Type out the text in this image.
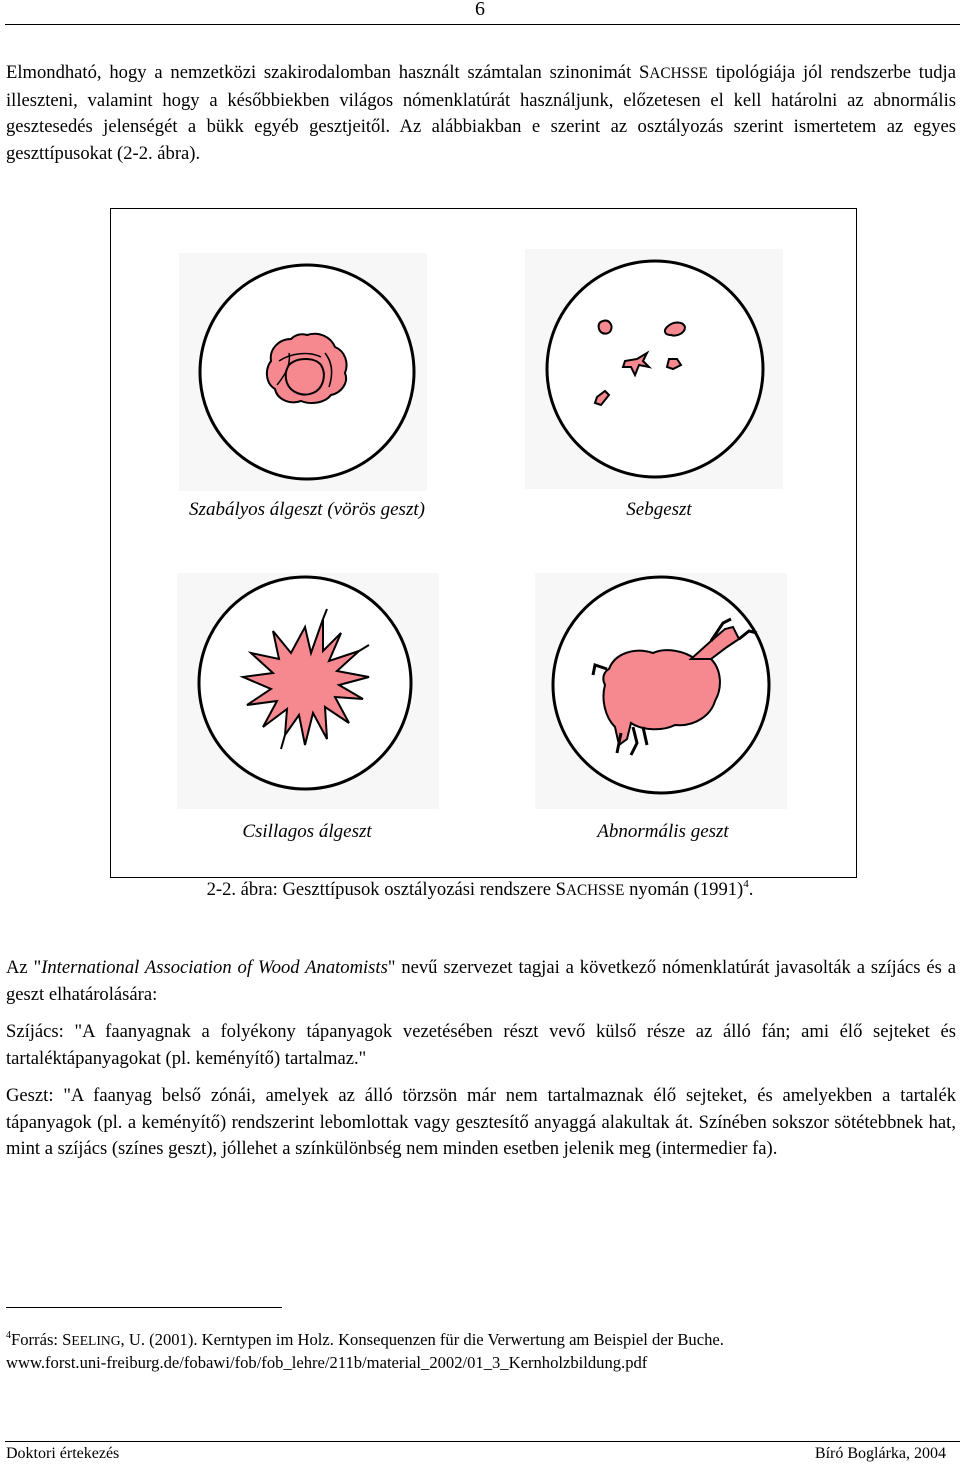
6

Elmondható, hogy a nemzetközi szakirodalomban használt számtalan szinonimát SACHSSE tipológiája jól rendszerbe tudja illeszteni, valamint hogy a későbbiekben világos nómenklatúrát használjunk, előzetesen el kell határolni az abnormális gesztesedés jelenségét a bükk egyéb gesztjeitől. Az alábbiakban e szerint az osztályozás szerint ismertetem az egyes geszttípusokat (2-2. ábra).

Szabályos álgeszt (vörös geszt)	Sebgeszt
Csillagos álgeszt	Abnormális geszt
2-2. ábra: Geszttípusok osztályozási rendszere SACHSSE nyomán $(1991)^4$.

Az "International Association of Wood Anatomists" nevű szervezet tagjai a következő nómenklatúrát javasolták a szíjács és a geszt elhatárolására:

Szíjács: "A faanyagnak a folyékony tápanyagok vezetésében részt vevő külső része az álló fán; ami élő sejteket és tartaléktápanyagokat (pl. keményítő) tartalmaz."

Geszt: "A faanyag belső zónái, amelyek az álló törzsön már nem tartalmaznak élő sejteket, és amelyekben a tartalék tápanyagok (pl. a keményítő) rendszerint lebomlottak vagy gesztesítő anyaggá alakultak át. Színében sokszor sötétebbnek hat, mint a szíjács (színes geszt), jóllehet a színkülönbség nem minden esetben jelenik meg (intermedier fa).

$^4$Forrás: SEELING, U. (2001). Kerntypen im Holz. Konsequenzen für die Verwertung am Beispiel der Buche.
www.forst.uni-freiburg.de/fobawi/fob/fob_lehre/211b/material_2002/01_3_Kernholzbildung.pdf

Doktori értekezés	Bíró Boglárka, 2004
